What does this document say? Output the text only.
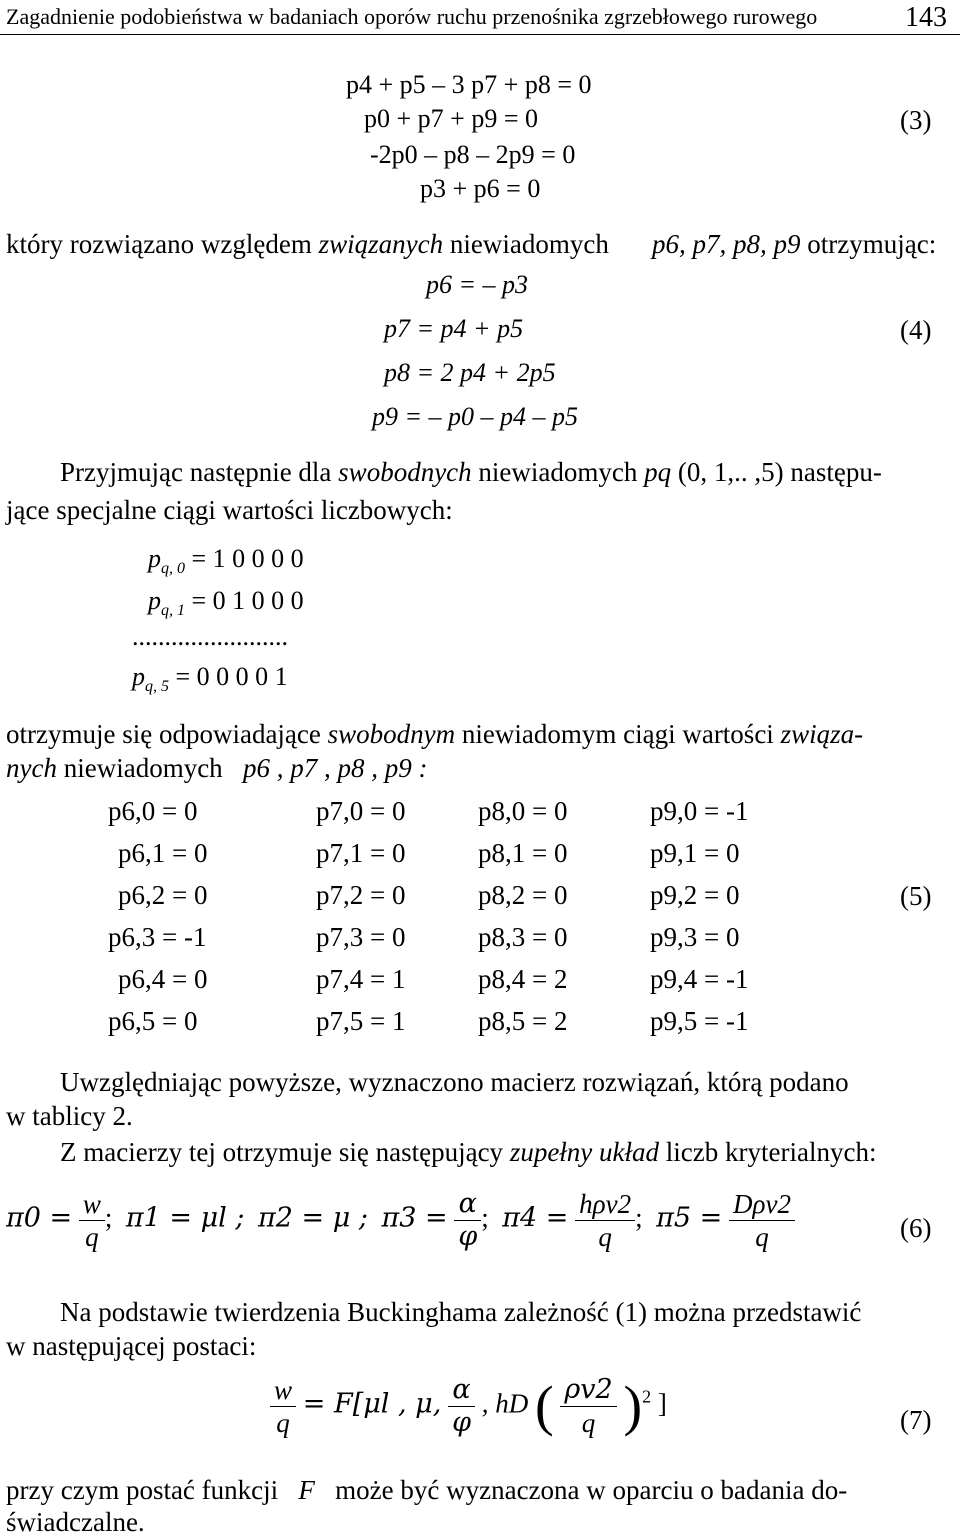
Zagadnienie podobieństwa w badaniach oporów ruchu przenośnika zgrzebłowego rurowego	143
p4 + p5 – 3 p7 + p8 = 0
p0 + p7 + p9 = 0
-2p0 – p8 – 2p9 = 0
p3 + p6 = 0
(3)
który rozwiązano względem związanych niewiadomych p6, p7, p8, p9 otrzymując:
p6 = – p3
p7 = p4 + p5
p8 = 2 p4 + 2p5
p9 = – p0 – p4 – p5
(4)
Przyjmując następnie dla swobodnych niewiadomych pq (0, 1,.. ,5) następu-
jące specjalne ciągi wartości liczbowych:
$p_{q, 0} = 1$ 0 0 0 0
$p_{q, 1} = 0$ 1 0 0 0
........................
$p_{q, 5} = 0$ 0 0 0 1
otrzymuje się odpowiadające swobodnym niewiadomym ciągi wartości związa-
nych niewiadomych p6 , p7 , p8 , p9 :
p6,0 = 0	p7,0 = 0	p8,0 = 0	p9,0 = -1
p6,1 = 0	p7,1 = 0	p8,1 = 0	p9,1 = 0
p6,2 = 0	p7,2 = 0	p8,2 = 0	p9,2 = 0
p6,3 = -1	p7,3 = 0	p8,3 = 0	p9,3 = 0
p6,4 = 0	p7,4 = 1	p8,4 = 2	p9,4 = -1
p6,5 = 0	p7,5 = 1	p8,5 = 2	p9,5 = -1
(5)
Uwzględniając powyższe, wyznaczono macierz rozwiązań, którą podano
w tablicy 2.
Z macierzy tej otrzymuje się następujący zupełny układ liczb kryterialnych:
$\pi 0 = \frac{w}{q}$ ;  π1 = μl ; π2 = μ ; $\pi 3 = \frac{\alpha}{\varphi}$ ;  $\pi 4 = \frac{\text{hρv2}}{q}$ ;  $\pi 5 = \frac{\text{Dρv2}}{q}$	(6)
Na podstawie twierdzenia Buckinghama zależność (1) można przedstawić
w następującej postaci:
$\frac{w}{q} = F[\mu l$ , μ, $\frac{\alpha}{\varphi}$ , hD ( $\frac{\rho v2}{q} )^2$ ]
(7)
przy czym postać funkcji F może być wyznaczona w oparciu o badania do-
świadczalne.
